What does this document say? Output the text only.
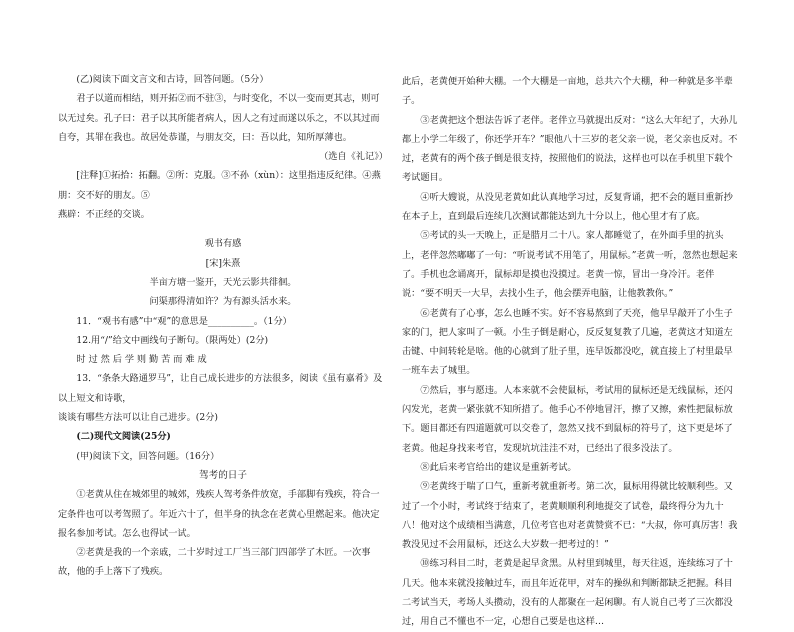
(乙)阅读下面文言文和古诗，回答问题。（5分）

君子以道而相结，则开拓②而不驻③，与时变化，不以一变而更其志，则可以无过矣。孔子曰：君子以其所能者病人，因人之有过而遂以乐之，不以其过而自夸，其罪在我也。故居处恭谨，与朋友交，曰：吾以此，知所厚薄也。

（选自《礼记》）

[注释]①拓拾：拓翻。②所：克服。③不孙（xùn）：这里指违反纪律。④燕朋：交不好的朋友。⑤

燕辟：不正经的交谈。

观书有感

[宋]朱熹

半亩方塘一鉴开，天光云影共徘徊。

问渠那得清如许？为有源头活水来。

11．“观书有感”中“观”的意思是__________。（1分）

12.用“/”给文中画线句子断句。（限两处）(2分)

时 过 然 后 学 则 勤 苦 而 难 成

13．“条条大路通罗马”，让自己成长进步的方法很多，阅读《虽有嘉肴》及以上短文和诗歌，

谈谈有哪些方法可以让自己进步。(2分)

(二)现代文阅读(25分)

(甲)阅读下文，回答问题。（16分）

驾考的日子

①老黄从住在城郊里的城郊，残疾人驾考条件放宽，手部脚有残疾，符合一定条件也可以考驾照了。年近六十了，但半身的执念在老黄心里燃起来。他决定报名参加考试。怎么也得试一试。

②老黄是我的一个亲戚，二十岁时过工厂当三部门四部学了木匠。一次事故，他的手上落下了残疾。

此后，老黄便开始种大棚。一个大棚是一亩地，总共六个大棚，种一种就是多半辈子。

③老黄把这个想法告诉了老伴。老伴立马就提出反对：“这么大年纪了，大孙儿都上小学二年级了，你还学开车？”眼他八十三岁的老父亲一说，老父亲也反对。不过，老黄有的两个孩子倒是很支持，按照他们的说法，这样也可以在手机里下载个考试题目。

④听大嫂说，从没见老黄如此认真地学习过，反复背诵，把不会的题目重新抄在本子上，直到最后连续几次测试都能达到九十分以上，他心里才有了底。

⑤考试的头一天晚上，正是腊月二十八。家人都睡觉了，在外面手里的抗头上，老伴忽然嘟嘟了一句：“听说考试不用笔了，用鼠标。”老黄一听，忽然也想起来了。手机也念诵离开，鼠标却是摸也没摸过。老黄一惊，冒出一身冷汗。老伴说：“要不明天一大早，去找小生子，他会摆弄电脑，让他教教你。”

⑥老黄有了心事，怎么也睡不实。好不容易熬到了天亮，他早早敲开了小生子家的门，把人家叫了一顿。小生子倒是耐心，反反复复教了几遍，老黄这才知道左击键、中间转轮是啥。他的心就到了肚子里，连早饭都没吃，就直接上了村里最早一班车去了城里。

⑦然后，事与愿违。人本来就不会使鼠标，考试用的鼠标还是无线鼠标，还闪闪发光，老黄一紧张就不知所措了。他手心不停地冒汗，擦了又擦，索性把鼠标放下。题目都还有四道题就可以交卷了，忽然又找不到鼠标的符号了，这下更是坏了老黄。他起身找来考官，发现坑坑洼洼不对，已经出了很多没法了。

⑧此后来考官给出的建议是重新考试。

⑨老黄终于喘了口气，重新考就重新考。第二次，鼠标用得就比较顺利些。又过了一个小时，考试终于结束了，老黄顺顺利利地提交了试卷，最终得分为九十八！他对这个成绩相当满意，几位考官也对老黄赞赏不已：“大叔，你可真厉害！我教没见过不会用鼠标，还这么大岁数一把考过的！”

⑩练习科目二时，老黄是起早贪黑。从村里到城里，每天往返，连续练习了十几天。他本来就没接触过车，而且年近花甲，对车的操纵和判断都缺乏把握。科目二考试当天，考场人头攒动，没有的人都聚在一起闲聊。有人说自己考了三次都没过，用自己不懂也不一定，心想自己要是也这样…
